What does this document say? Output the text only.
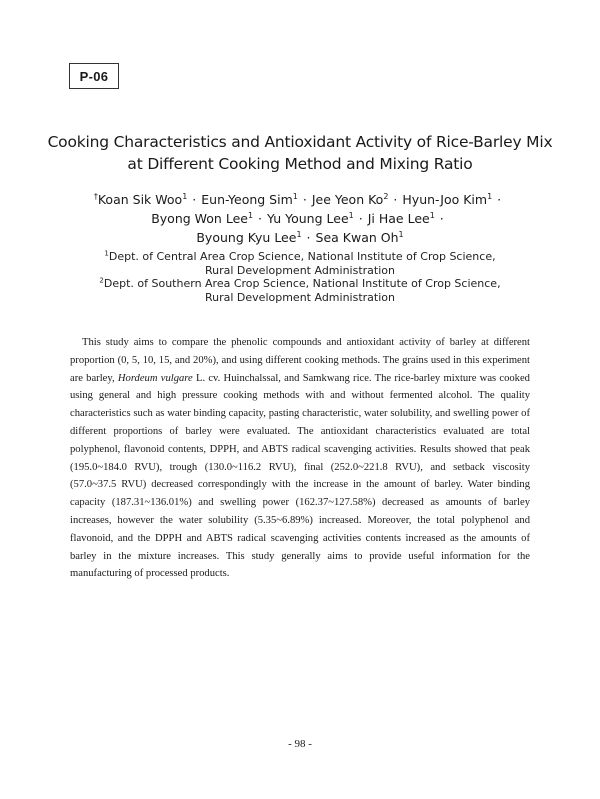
P-06
Cooking Characteristics and Antioxidant Activity of Rice-Barley Mix
at Different Cooking Method and Mixing Ratio
†Koan Sik Woo$^1$ · Eun-Yeong Sim$^1$ · Jee Yeon $Ko^2$ · Hyun-Joo Kim$^1$ ·
Byong Won Lee$^1$ · Yu Young Lee$^1$ · Ji Hae Lee$^1$ ·
Byoung Kyu Lee$^1$ · Sea Kwan Oh$^1$
$^1$Dept. of Central Area Crop Science, National Institute of Crop Science,
Rural Development Administration
$^2$Dept. of Southern Area Crop Science, National Institute of Crop Science,
Rural Development Administration

This study aims to compare the phenolic compounds and antioxidant activity of barley at different proportion (0, 5, 10, 15, and 20%), and using different cooking methods. The grains used in this experiment are barley, Hordeum vulgare L. cv. Huinchalssal, and Samkwang rice. The rice-barley mixture was cooked using general and high pressure cooking methods with and without fermented alcohol. The quality characteristics such as water binding capacity, pasting characteristic, water solubility, and swelling power of different proportions of barley were evaluated. The antioxidant characteristics evaluated are total polyphenol, flavonoid contents, DPPH, and ABTS radical scavenging activities. Results showed that peak (195.0~184.0 RVU), trough (130.0~116.2 RVU), final (252.0~221.8 RVU), and setback viscosity (57.0~37.5 RVU) decreased correspondingly with the increase in the amount of barley. Water binding capacity (187.31~136.01%) and swelling power (162.37~127.58%) decreased as amounts of barley increases, however the water solubility (5.35~6.89%) increased. Moreover, the total polyphenol and flavonoid, and the DPPH and ABTS radical scavenging activities contents increased as the amounts of barley in the mixture increases. This study generally aims to provide useful information for the manufacturing of processed products.

- 98 -
